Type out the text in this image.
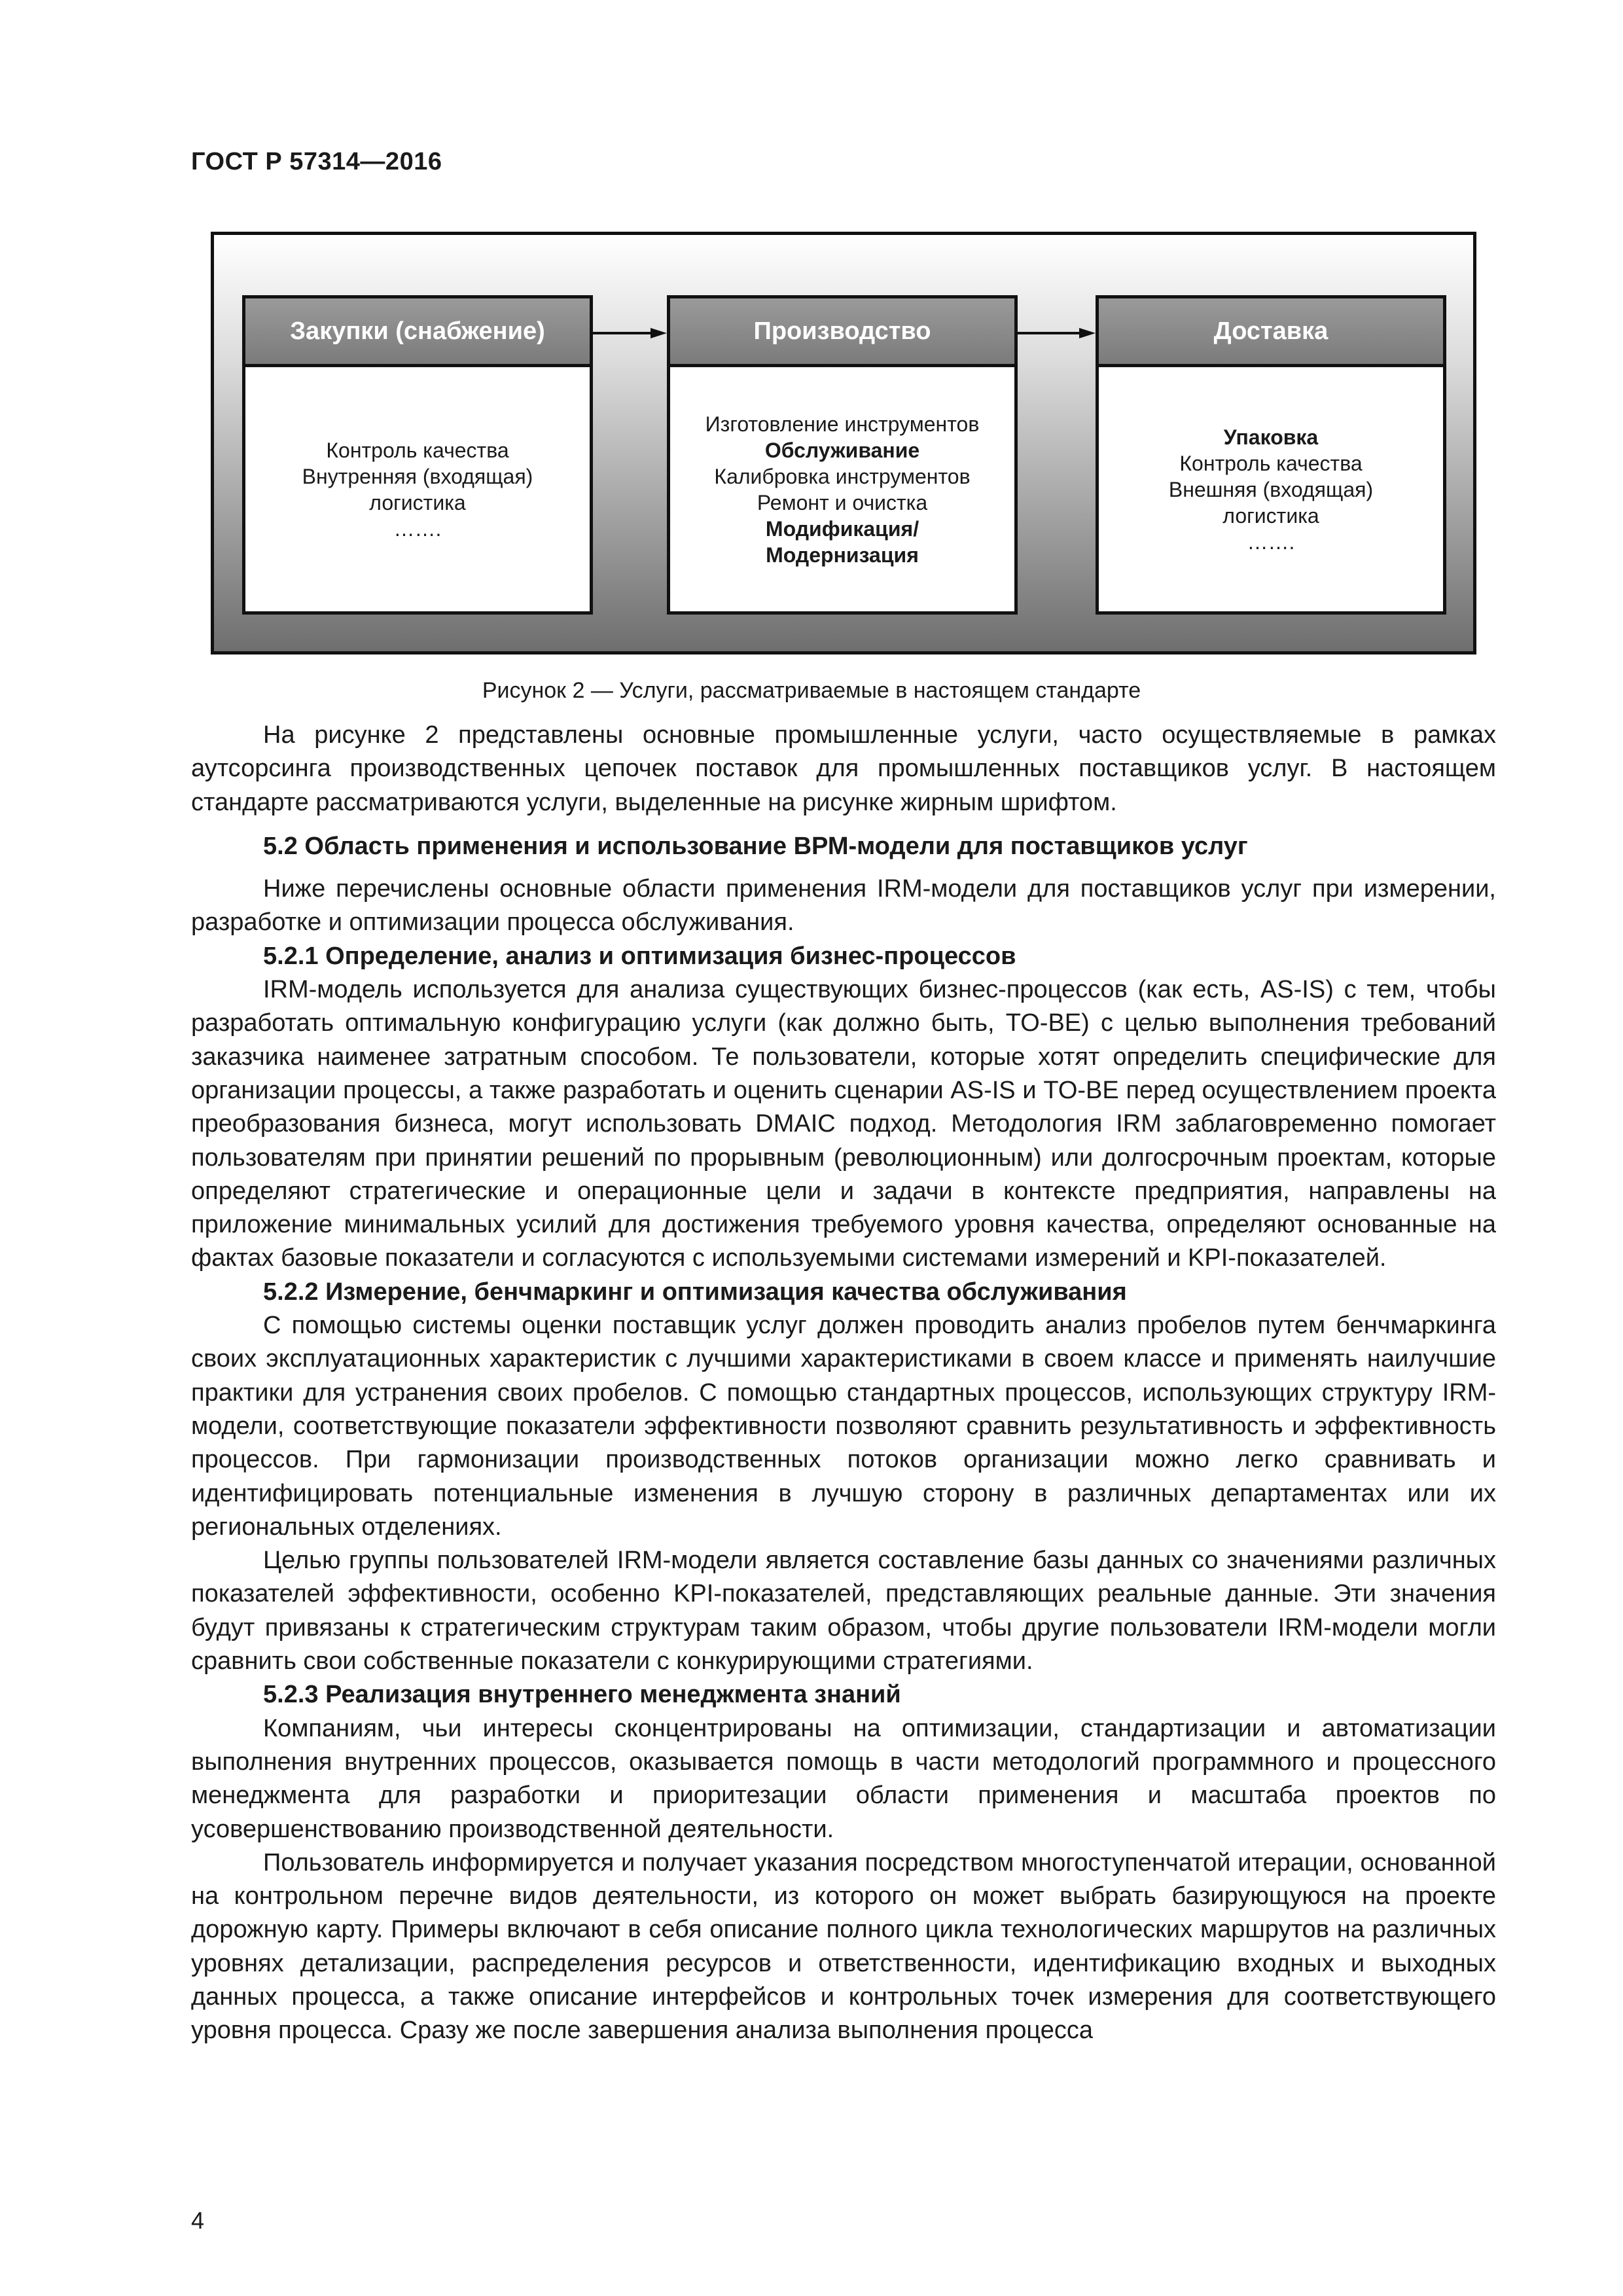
ГОСТ Р 57314—2016
Закупки (снабжение)
Контроль качества
Внутренняя (входящая)
логистика
…….
Производство
Изготовление инструментов
Обслуживание
Калибровка инструментов
Ремонт и очистка
Модификация/
Модернизация
Доставка
Упаковка
Контроль качества
Внешняя (входящая)
логистика
…….
Рисунок 2 — Услуги, рассматриваемые в настоящем стандарте

На рисунке 2 представлены основные промышленные услуги, часто осуществляемые в рамках аутсорсинга производственных цепочек поставок для промышленных поставщиков услуг. В настоящем стандарте рассматриваются услуги, выделенные на рисунке жирным шрифтом.

5.2 Область применения и использование ВРМ-модели для поставщиков услуг

Ниже перечислены основные области применения IRM-модели для поставщиков услуг при измерении, разработке и оптимизации процесса обслуживания.

5.2.1 Определение, анализ и оптимизация бизнес-процессов

IRM-модель используется для анализа существующих бизнес-процессов (как есть, AS-IS) с тем, чтобы разработать оптимальную конфигурацию услуги (как должно быть, TO-BE) с целью выполнения требований заказчика наименее затратным способом. Те пользователи, которые хотят определить специфические для организации процессы, а также разработать и оценить сценарии AS-IS и TO-BE перед осуществлением проекта преобразования бизнеса, могут использовать DMAIC подход. Методология IRM заблаговременно помогает пользователям при принятии решений по прорывным (революционным) или долгосрочным проектам, которые определяют стратегические и операционные цели и задачи в контексте предприятия, направлены на приложение минимальных усилий для достижения требуемого уровня качества, определяют основанные на фактах базовые показатели и согласуются с используемыми системами измерений и KPI-показателей.

5.2.2 Измерение, бенчмаркинг и оптимизация качества обслуживания

С помощью системы оценки поставщик услуг должен проводить анализ пробелов путем бенчмаркинга своих эксплуатационных характеристик с лучшими характеристиками в своем классе и применять наилучшие практики для устранения своих пробелов. С помощью стандартных процессов, использующих структуру IRM-модели, соответствующие показатели эффективности позволяют сравнить результативность и эффективность процессов. При гармонизации производственных потоков организации можно легко сравнивать и идентифицировать потенциальные изменения в лучшую сторону в различных департаментах или их региональных отделениях.

Целью группы пользователей IRM-модели является составление базы данных со значениями различных показателей эффективности, особенно KPI-показателей, представляющих реальные данные. Эти значения будут привязаны к стратегическим структурам таким образом, чтобы другие пользователи IRM-модели могли сравнить свои собственные показатели с конкурирующими стратегиями.

5.2.3 Реализация внутреннего менеджмента знаний

Компаниям, чьи интересы сконцентрированы на оптимизации, стандартизации и автоматизации выполнения внутренних процессов, оказывается помощь в части методологий программного и процессного менеджмента для разработки и приоритезации области применения и масштаба проектов по усовершенствованию производственной деятельности.

Пользователь информируется и получает указания посредством многоступенчатой итерации, основанной на контрольном перечне видов деятельности, из которого он может выбрать базирующуюся на проекте дорожную карту. Примеры включают в себя описание полного цикла технологических маршрутов на различных уровнях детализации, распределения ресурсов и ответственности, идентификацию входных и выходных данных процесса, а также описание интерфейсов и контрольных точек измерения для соответствующего уровня процесса. Сразу же после завершения анализа выполнения процесса

4
